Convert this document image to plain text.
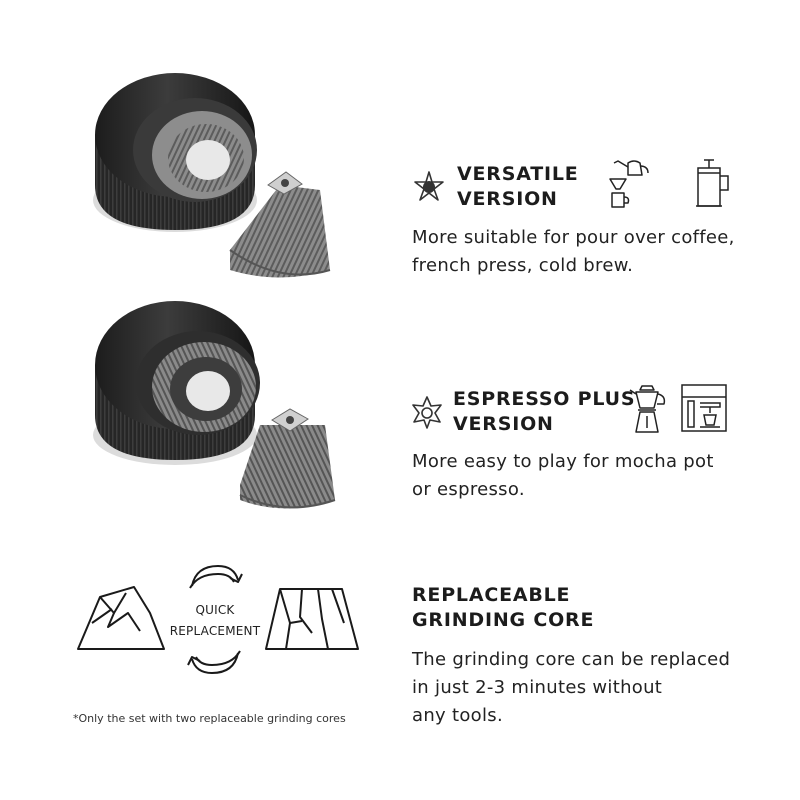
VERSATILE
VERSION
More suitable for pour over coffee,
french press, cold brew.
ESPRESSO PLUS
VERSION
More easy to play for mocha pot
or espresso.
QUICK
REPLACEMENT
*Only the set with two replaceable grinding cores
REPLACEABLE
GRINDING CORE
The grinding core can be replaced
in just 2-3 minutes without
any tools.
